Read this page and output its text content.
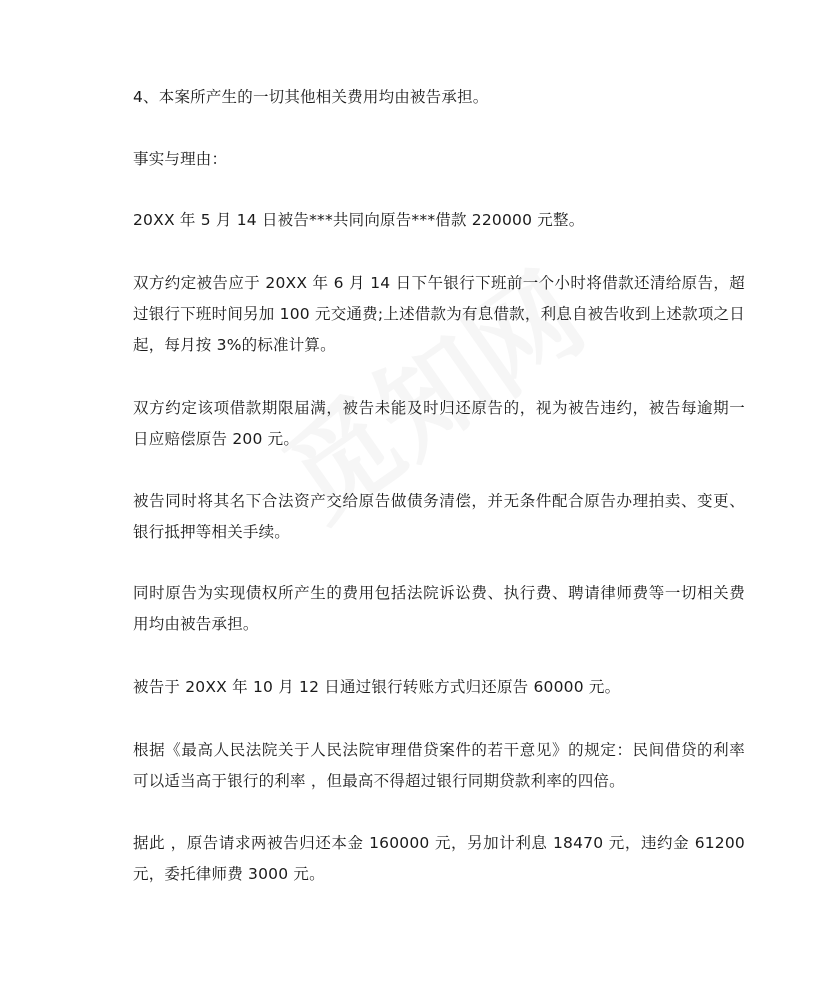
4、本案所产生的一切其他相关费用均由被告承担。

事实与理由：

20XX 年 5 月 14 日被告***共同向原告***借款 220000 元整。

双方约定被告应于 20XX 年 6 月 14 日下午银行下班前一个小时将借款还清给原告，超过银行下班时间另加 100 元交通费;上述借款为有息借款，利息自被告收到上述款项之日起，每月按 3%的标准计算。

双方约定该项借款期限届满，被告未能及时归还原告的，视为被告违约，被告每逾期一日应赔偿原告 200 元。

被告同时将其名下合法资产交给原告做债务清偿，并无条件配合原告办理拍卖、变更、银行抵押等相关手续。

同时原告为实现债权所产生的费用包括法院诉讼费、执行费、聘请律师费等一切相关费用均由被告承担。

被告于 20XX 年 10 月 12 日通过银行转账方式归还原告 60000 元。

根据《最高人民法院关于人民法院审理借贷案件的若干意见》的规定：民间借贷的利率可以适当高于银行的利率 ，但最高不得超过银行同期贷款利率的四倍。

据此 ，原告请求两被告归还本金 160000 元，另加计利息 18470 元，违约金 61200 元，委托律师费 3000 元。
